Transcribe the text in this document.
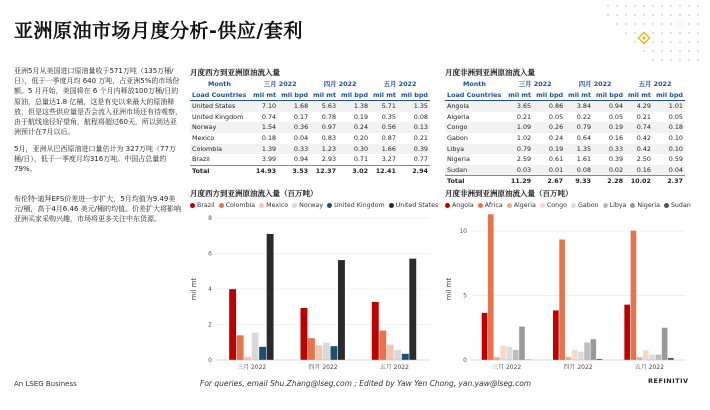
亚洲原油市场月度分析-供应/套利
亚洲5月从美国进口原油量收于571万吨（135万桶/日），低于一季度月均 640 万吨，占亚洲5%的市场份额。5 月开始，美国将在 6 个月内释放100万桶/日的原油，总量达1.8 亿桶，这是有史以来最大的原油释放，但是这些供应量是否会流入亚洲市场还有待观察，由于航线途径好望角，航程将超过60天，所以到达亚洲预计在7月以后。
5月，亚洲从巴西原油进口量估计为 327万吨（77万桶/日），低于一季度月均316万吨。中国占总量的79%。
布伦特-迪拜EFS价差进一步扩大，5月均值为9.49美元/桶，高于4月6.46 美元/桶的均值。价差扩大将影响亚洲买家采购兴趣，市场将更多关注中东货源。
月度西方到亚洲原油流入量
Month	三月 2022		四月 2022		五月 2022	
Load Countries	mil mt	mil bpd	mil mt	mil bpd	mil mt	mil bpd
United States	7.10	1.68	5.63	1.38	5.71	1.35
United Kingdom	0.74	0.17	0.78	0.19	0.35	0.08
Norway	1.54	0.36	0.97	0.24	0.56	0.13
Mexico	0.18	0.04	0.83	0.20	0.87	0.21
Colombia	1.39	0.33	1.23	0.30	1.66	0.39
Brazil	3.99	0.94	2.93	0.71	3.27	0.77
Total	14.93	3.53	12.37	3.02	12.41	2.94
月度非洲到亚洲原油流入量
Month	三月 2022		四月 2022		五月 2022	
Load Countries	mil mt	mil bpd	mil mt	mil bpd	mil mt	mil bpd
Angola	3.65	0.86	3.84	0.94	4.29	1.01
Algeria	0.21	0.05	0.22	0.05	0.21	0.05
Congo	1.09	0.26	0.79	0.19	0.74	0.18
Gabon	1.02	0.24	0.64	0.16	0.42	0.10
Libya	0.79	0.19	1.35	0.33	0.42	0.10
Nigeria	2.59	0.61	1.61	0.39	2.50	0.59
Sudan	0.03	0.01	0.08	0.02	0.16	0.04
Total	11.29	2.67	9.33	2.28	10.02	2.37
月度西方到亚洲原油流入量（百万吨）
Brazil Colombia Mexico Norway United Kingdom United States
0
2
4
6
8
mil mt
三月 2022	四月 2022	五月 2022
月度非洲到亚洲原油流入量（百万吨）
Angola Africa Algeria Congo Gabon Libya Nigeria Sudan
0
5
10
mil mt
三月 2022	四月 2022	五月 2022
An LSEG Business	For queries, email Shu.Zhang@lseg.com ; Edited by Yaw Yen Chong, yan.yaw@lseg.com	REFINITIV
